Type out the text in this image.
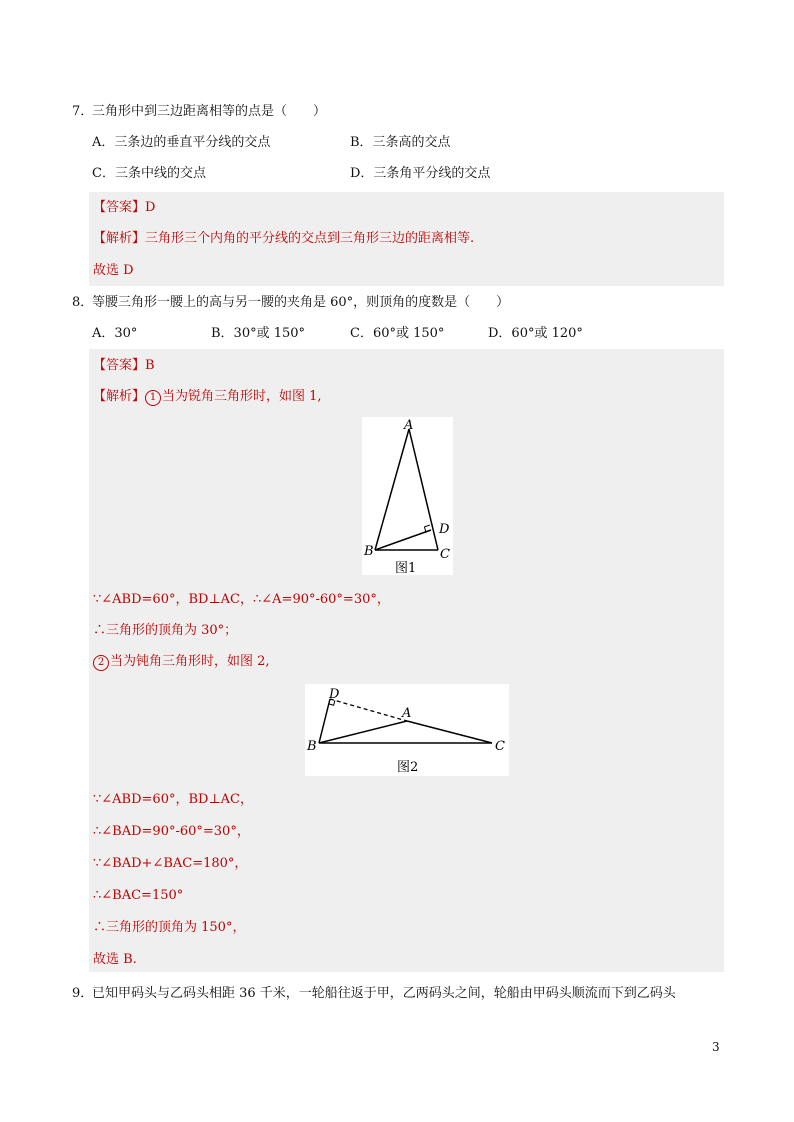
7．三角形中到三边距离相等的点是（　　）
A．三条边的垂直平分线的交点	B．三条高的交点
C．三条中线的交点	D．三条角平分线的交点
【答案】D
【解析】三角形三个内角的平分线的交点到三角形三边的距离相等.
故选 D
8．等腰三角形一腰上的高与另一腰的夹角是 60°，则顶角的度数是（　　）
A．30°	B．30°或 150°	C．60°或 150°	D．60°或 120°
【答案】B
【解析】 1 当为锐角三角形时，如图 1,
A
B	C
D
图1
∵∠ABD=60°，BD⊥AC，∴∠A=90°-60°=30°，
∴三角形的顶角为 30°；
2 当为钝角三角形时，如图 2,
D
A
B	C
图2
∵∠ABD=60°，BD⊥AC，
∴∠BAD=90°-60°=30°，
∵∠BAD+∠BAC=180°，
∴∠BAC=150°
∴三角形的顶角为 150°，
故选 B.
9．已知甲码头与乙码头相距 36 千米，一轮船往返于甲，乙两码头之间，轮船由甲码头顺流而下到乙码头
3
